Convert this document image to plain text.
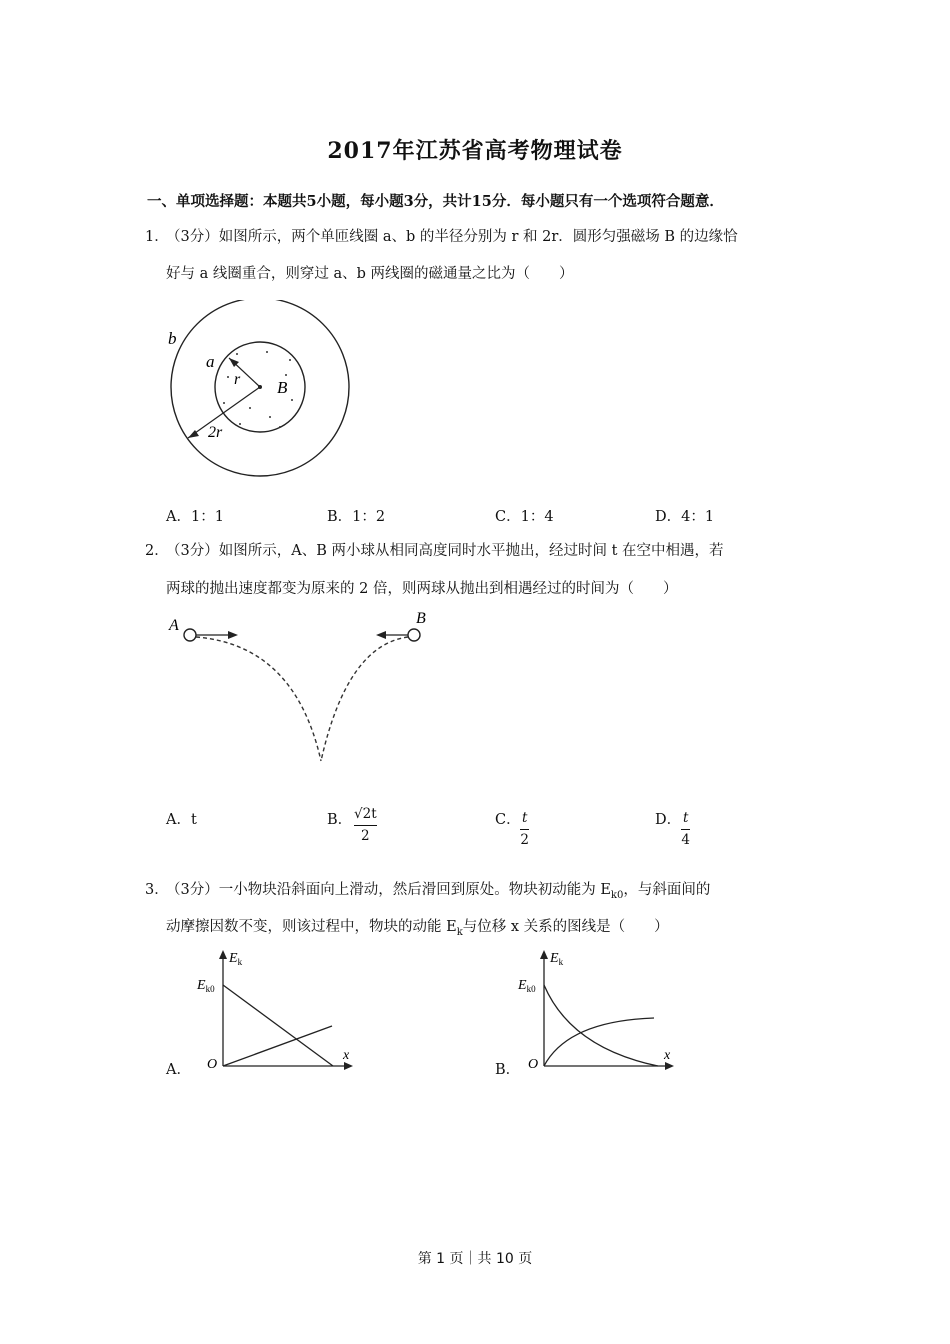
2017年江苏省高考物理试卷
一、单项选择题：本题共5小题，每小题3分，共计15分．每小题只有一个选项符合题意．
1．
（3分）如图所示，两个单匝线圈 a、b 的半径分别为 r 和 2r．圆形匀强磁场 B 的边缘恰
好与 a 线圈重合，则穿过 a、b 两线圈的磁通量之比为（　　）
b
a
r B
2r
A．1：1	B．1：2	C．1：4	D．4：1
2．
（3分）如图所示，A、B 两小球从相同高度同时水平抛出，经过时间 t 在空中相遇，若
两球的抛出速度都变为原来的 2 倍，则两球从抛出到相遇经过的时间为（　　）
A	B
A．t	B． $\frac{√2t}{2}$	C． $\frac{t}{2}$	D． $\frac{t}{4}$
3．
（3分）一小物块沿斜面向上滑动，然后滑回到原处。物块初动能为 $E_{k0}$，与斜面间的
动摩擦因数不变，则该过程中，物块的动能 $E_k$与位移 x 关系的图线是（　　）
$E_k$
$E_{k0}$
O
x
A．
$E_k$
$E_{k0}$
O
x
B．
第 1 页｜共 10 页
